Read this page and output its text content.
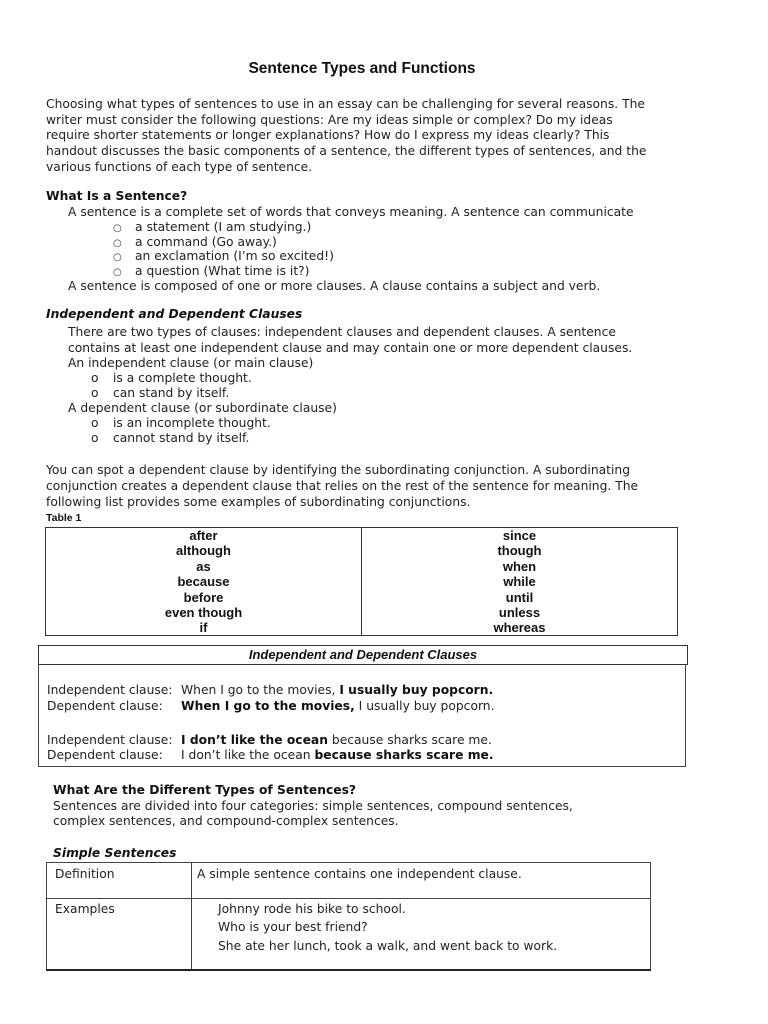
Sentence Types and Functions
Choosing what types of sentences to use in an essay can be challenging for several reasons. The
writer must consider the following questions: Are my ideas simple or complex? Do my ideas
require shorter statements or longer explanations? How do I express my ideas clearly? This
handout discusses the basic components of a sentence, the different types of sentences, and the
various functions of each type of sentence.
What Is a Sentence?
A sentence is a complete set of words that conveys meaning. A sentence can communicate
○ a statement (I am studying.)
○ a command (Go away.)
○ an exclamation (I’m so excited!)
○ a question (What time is it?)
A sentence is composed of one or more clauses. A clause contains a subject and verb.
Independent and Dependent Clauses
There are two types of clauses: independent clauses and dependent clauses. A sentence
contains at least one independent clause and may contain one or more dependent clauses.
An independent clause (or main clause)
o is a complete thought.
o can stand by itself.
A dependent clause (or subordinate clause)
o is an incomplete thought.
o cannot stand by itself.
You can spot a dependent clause by identifying the subordinating conjunction. A subordinating
conjunction creates a dependent clause that relies on the rest of the sentence for meaning. The
following list provides some examples of subordinating conjunctions.
Table 1
after
although
as
because
before
even though
if
since
though
when
while
until
unless
whereas
Independent and Dependent Clauses
Independent clause: When I go to the movies, I usually buy popcorn.
Dependent clause: When I go to the movies, I usually buy popcorn.
Independent clause: I don’t like the ocean because sharks scare me.
Dependent clause: I don’t like the ocean because sharks scare me.
What Are the Different Types of Sentences?
Sentences are divided into four categories: simple sentences, compound sentences,
complex sentences, and compound-complex sentences.
Simple Sentences
Definition	A simple sentence contains one independent clause.
Examples	Johnny rode his bike to school.
Who is your best friend?
She ate her lunch, took a walk, and went back to work.
